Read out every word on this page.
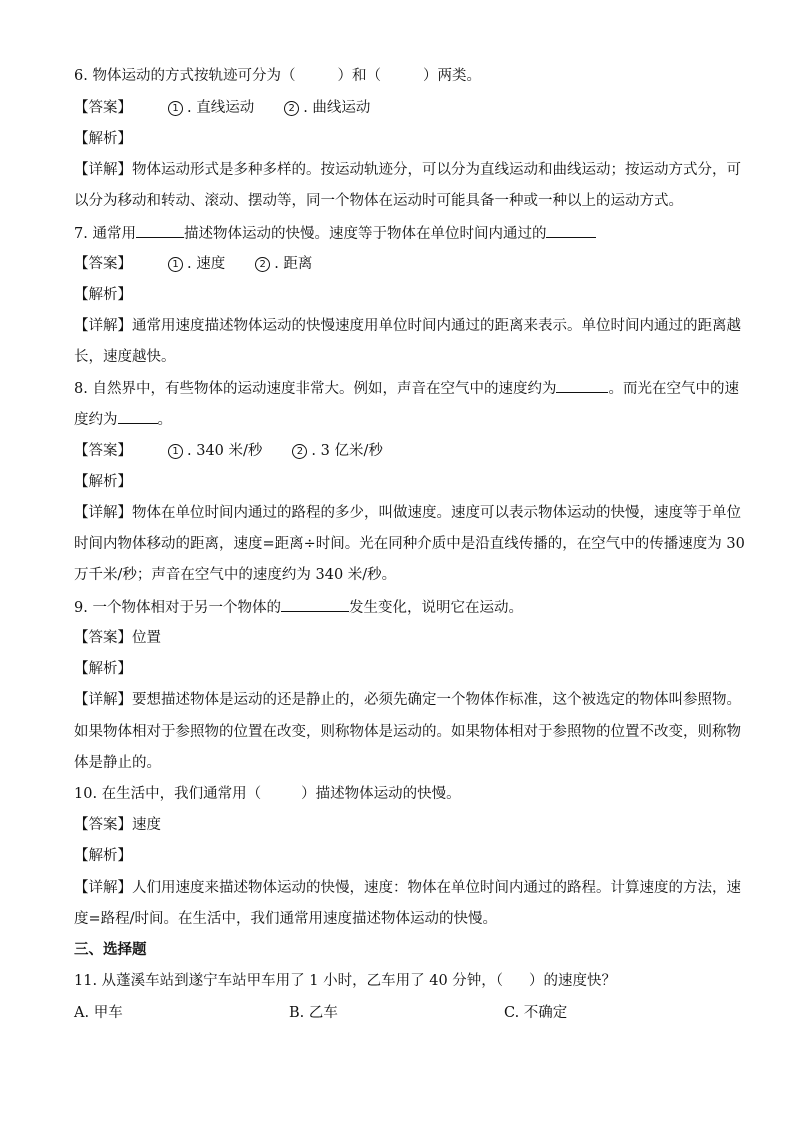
6. 物体运动的方式按轨迹可分为（	）和（	）两类。
【答案】	1 . 直线运动	2 . 曲线运动
【解析】
【详解】物体运动形式是多种多样的。按运动轨迹分，可以分为直线运动和曲线运动；按运动方式分，可
以分为移动和转动、滚动、摆动等，同一个物体在运动时可能具备一种或一种以上的运动方式。
7. 通常用	描述物体运动的快慢。速度等于物体在单位时间内通过的
【答案】	1 . 速度	2 . 距离
【解析】
【详解】通常用速度描述物体运动的快慢速度用单位时间内通过的距离来表示。单位时间内通过的距离越
长，速度越快。
8. 自然界中，有些物体的运动速度非常大。例如，声音在空气中的速度约为	。而光在空气中的速
度约为	。
【答案】	1 . 340 米/秒	2 . 3 亿米/秒
【解析】
【详解】物体在单位时间内通过的路程的多少，叫做速度。速度可以表示物体运动的快慢，速度等于单位
时间内物体移动的距离，速度=距离÷时间。光在同种介质中是沿直线传播的，在空气中的传播速度为 30
万千米/秒；声音在空气中的速度约为 340 米/秒。
9. 一个物体相对于另一个物体的	发生变化，说明它在运动。
【答案】位置
【解析】
【详解】要想描述物体是运动的还是静止的，必须先确定一个物体作标准，这个被选定的物体叫参照物。
如果物体相对于参照物的位置在改变，则称物体是运动的。如果物体相对于参照物的位置不改变，则称物
体是静止的。
10. 在生活中，我们通常用（	）描述物体运动的快慢。
【答案】速度
【解析】
【详解】人们用速度来描述物体运动的快慢，速度：物体在单位时间内通过的路程。计算速度的方法，速
度=路程/时间。在生活中，我们通常用速度描述物体运动的快慢。
三、选择题
11. 从蓬溪车站到遂宁车站甲车用了 1 小时，乙车用了 40 分钟，（ ）的速度快？
A. 甲车	B. 乙车	C. 不确定
